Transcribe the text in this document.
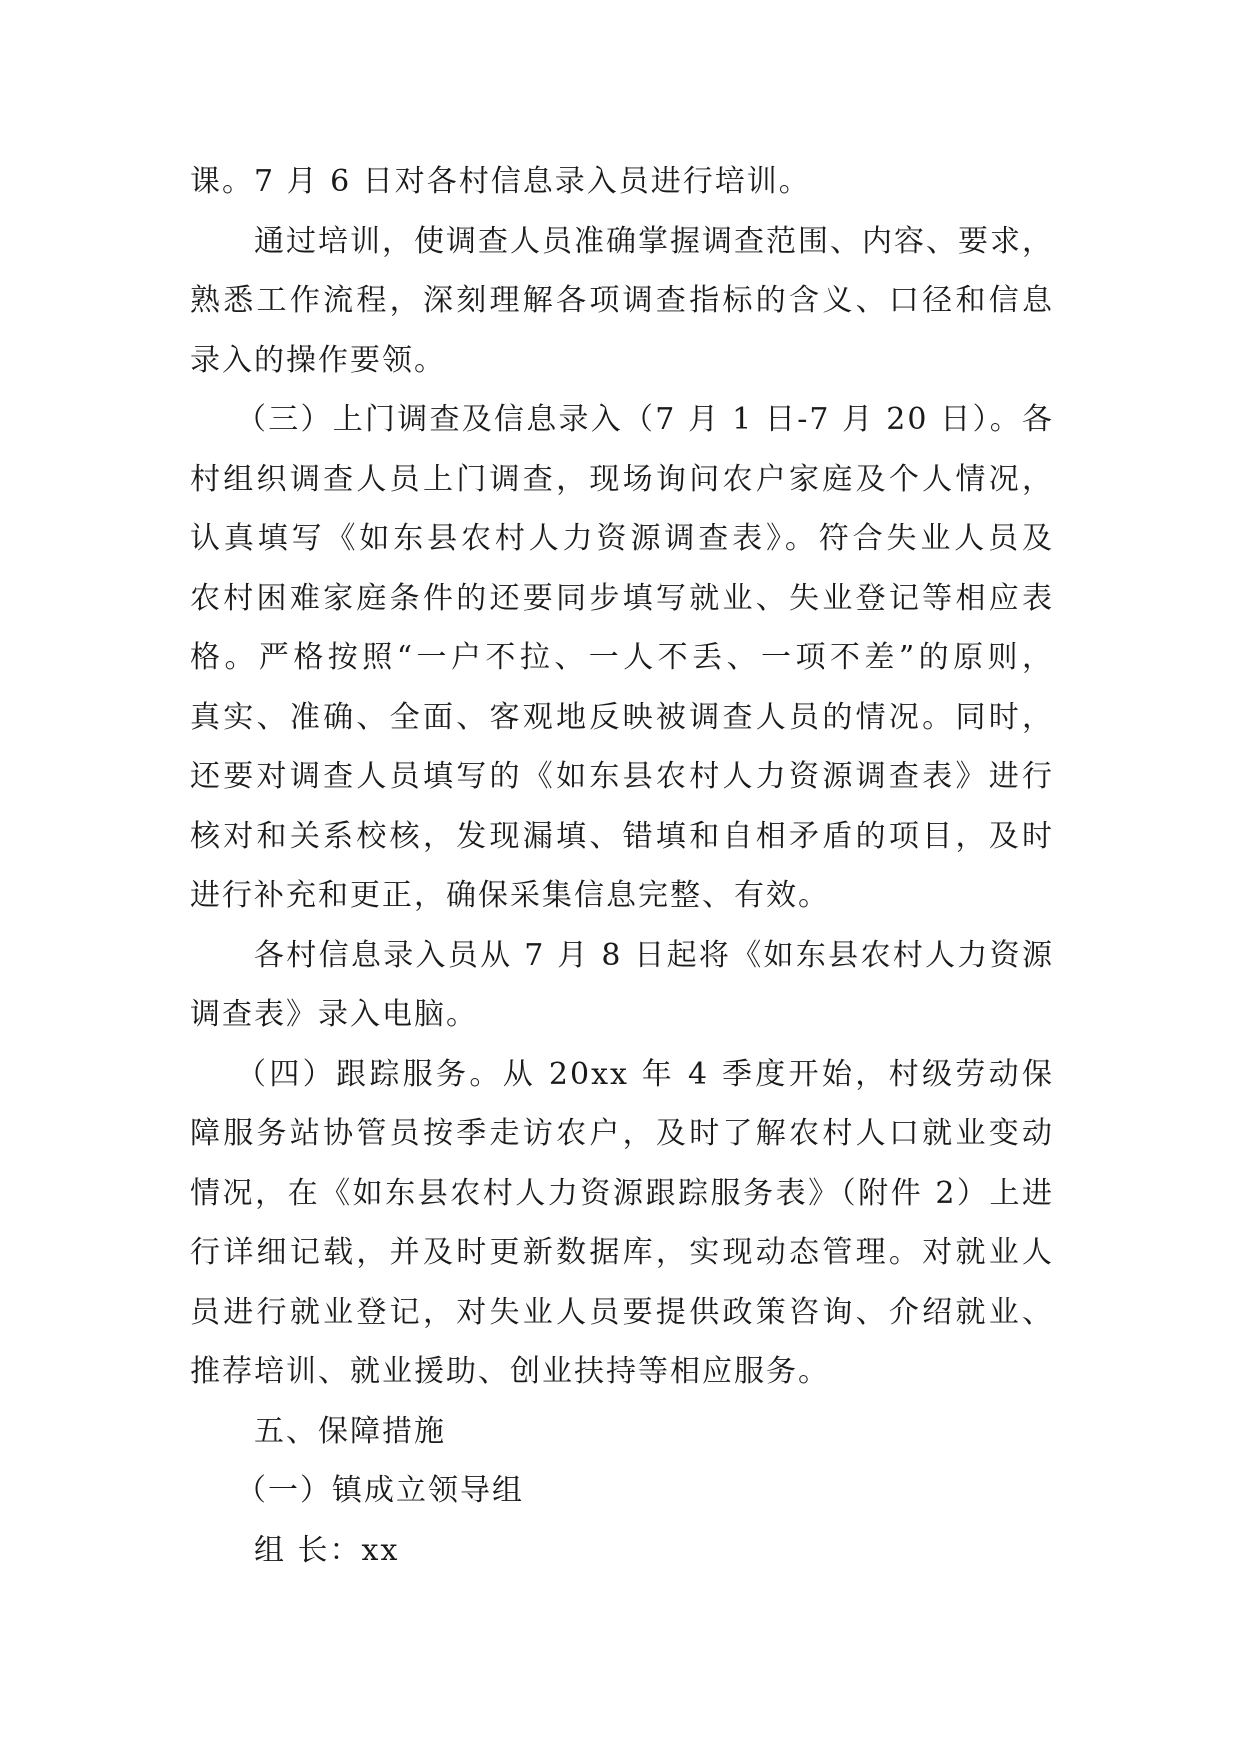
课。7 月 6 日对各村信息录入员进行培训。
通过培训，使调查人员准确掌握调查范围、内容、要求，
熟悉工作流程，深刻理解各项调查指标的含义、口径和信息
录入的操作要领。
（三）上门调查及信息录入（7 月 1 日-7 月 20 日）。各
村组织调查人员上门调查，现场询问农户家庭及个人情况，
认真填写《如东县农村人力资源调查表》。符合失业人员及
农村困难家庭条件的还要同步填写就业、失业登记等相应表
格。严格按照“一户不拉、一人不丢、一项不差”的原则，
真实、准确、全面、客观地反映被调查人员的情况。同时，
还要对调查人员填写的《如东县农村人力资源调查表》进行
核对和关系校核，发现漏填、错填和自相矛盾的项目，及时
进行补充和更正，确保采集信息完整、有效。
各村信息录入员从 7 月 8 日起将《如东县农村人力资源
调查表》录入电脑。
（四）跟踪服务。从 20xx 年 4 季度开始，村级劳动保
障服务站协管员按季走访农户，及时了解农村人口就业变动
情况，在《如东县农村人力资源跟踪服务表》（附件 2）上进
行详细记载，并及时更新数据库，实现动态管理。对就业人
员进行就业登记，对失业人员要提供政策咨询、介绍就业、
推荐培训、就业援助、创业扶持等相应服务。
五、保障措施
（一）镇成立领导组
组 长：xx
